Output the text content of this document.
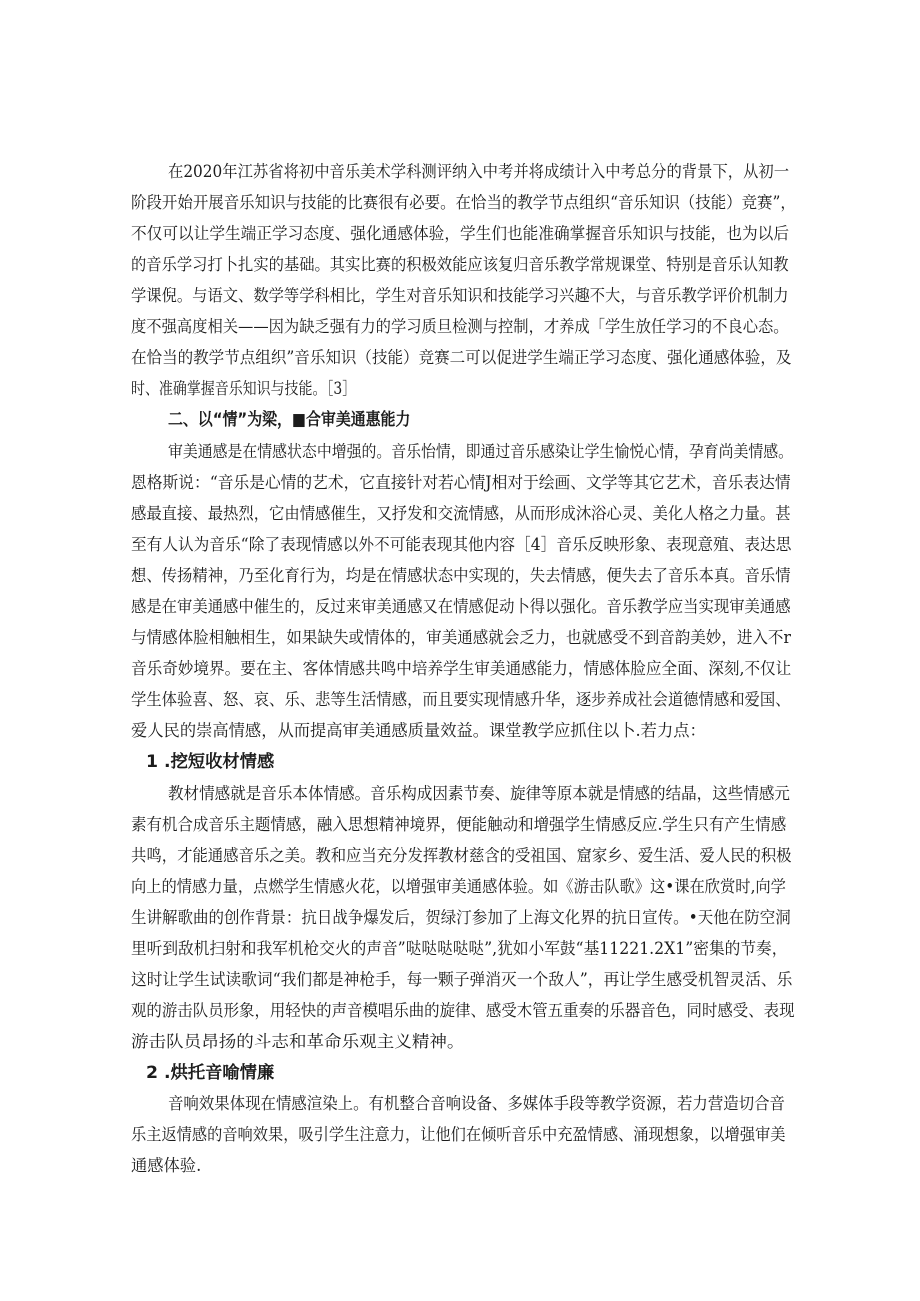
在2020年江苏省将初中音乐美术学科测评纳入中考并将成绩计入中考总分的背景下，从初一
阶段开始开展音乐知识与技能的比赛很有必要。在恰当的教学节点组织“音乐知识（技能）竞赛”，
不仅可以让学生端正学习态度、强化通感体验，学生们也能准确掌握音乐知识与技能，也为以后
的音乐学习打卜扎实的基础。其实比赛的积极效能应该复归音乐教学常规课堂、特别是音乐认知教
学课倪。与语文、数学等学科相比，学生对音乐知识和技能学习兴趣不大，与音乐教学评价机制力
度不强高度相关——因为缺乏强有力的学习质旦检测与控制，才养成「学生放任学习的不良心态。
在恰当的教学节点组织”音乐知识（技能）竞赛二可以促进学生端正学习态度、强化通感体验，及
时、准确掌握音乐知识与技能。［3］
二、以“情”为梁，■合审美通惠能力
审美通感是在情感状态中增强的。音乐怡情，即通过音乐感染让学生愉悦心情，孕育尚美情感。
恩格斯说：“音乐是心情的艺术，它直接针对若心情J相对于绘画、文学等其它艺术，音乐表达情
感最直接、最热烈，它由情感催生，又抒发和交流情感，从而形成沐浴心灵、美化人格之力量。甚
至有人认为音乐“除了表现情感以外不可能表现其他内容［4］音乐反映形象、表现意殖、表达思
想、传扬精神，乃至化育行为，均是在情感状态中实现的，失去情感，便失去了音乐本真。音乐情
感是在审美通感中催生的，反过来审美通感又在情感促动卜得以强化。音乐教学应当实现审美通感
与情感体脸相触相生，如果缺失或情体的，审美通感就会乏力，也就感受不到音韵美妙，进入不r
音乐奇妙境界。要在主、客体情感共鸣中培养学生审美通感能力，情感体脸应全面、深刻,不仅让
学生体验喜、怒、哀、乐、悲等生活情感，而且要实现情感升华，逐步养成社会道德情感和爱国、
爱人民的崇高情感，从而提高审美通感质量效益。课堂教学应抓住以卜.若力点：
1 .挖短收材情感
教材情感就是音乐本体情感。音乐构成因素节奏、旋律等原本就是情感的结晶，这些情感元
素有机合成音乐主题情感，融入思想精神境界，便能触动和增强学生情感反应.学生只有产生情感
共鸣，才能通感音乐之美。教和应当充分发挥教材慈含的受祖国、窟家乡、爱生活、爱人民的积极
向上的情感力量，点燃学生情感火花，以增强审美通感体验。如《游击队歌》这•课在欣赏时,向学
生讲解歌曲的创作背景：抗日战争爆发后，贺绿汀参加了上海文化界的抗日宣传。•天他在防空洞
里听到敌机扫射和我军机枪交火的声音”哒哒哒哒哒”,犹如小军鼓“基11221.2X1”密集的节奏，
这时让学生试读歌词“我们都是神枪手，每一颗子弹消灭一个敌人”，再让学生感受机智灵活、乐
观的游击队员形象，用轻快的声音模唱乐曲的旋律、感受木管五重奏的乐器音色，同时感受、表现
游击队员昂扬的斗志和革命乐观主义精神。
2 .烘托音喻情廉
音响效果体现在情感渲染上。有机整合音响设备、多媒体手段等教学资源，若力营造切合音
乐主返情感的音响效果，吸引学生注意力，让他们在倾听音乐中充盈情感、涌现想象，以增强审美
通感体验.
